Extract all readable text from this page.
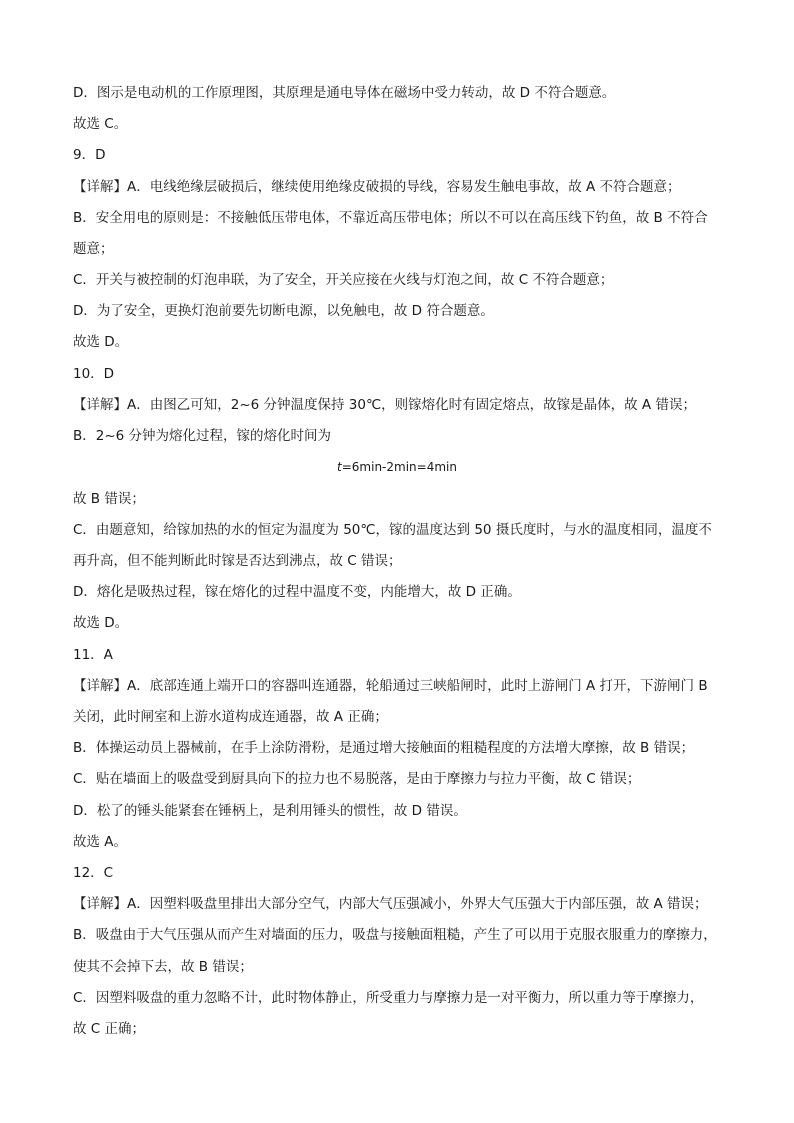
D．图示是电动机的工作原理图，其原理是通电导体在磁场中受力转动，故 D 不符合题意。
故选 C。
9．D
【详解】A．电线绝缘层破损后，继续使用绝缘皮破损的导线，容易发生触电事故，故 A 不符合题意；
B．安全用电的原则是：不接触低压带电体，不靠近高压带电体；所以不可以在高压线下钓鱼，故 B 不符合
题意；
C．开关与被控制的灯泡串联，为了安全，开关应接在火线与灯泡之间，故 C 不符合题意；
D．为了安全，更换灯泡前要先切断电源，以免触电，故 D 符合题意。
故选 D。
10．D
【详解】A．由图乙可知，2~6 分钟温度保持 30℃，则镓熔化时有固定熔点，故镓是晶体，故 A 错误；
B．2~6 分钟为熔化过程，镓的熔化时间为
t=6min-2min=4min
故 B 错误；
C．由题意知，给镓加热的水的恒定为温度为 50℃，镓的温度达到 50 摄氏度时，与水的温度相同，温度不
再升高，但不能判断此时镓是否达到沸点，故 C 错误；
D．熔化是吸热过程，镓在熔化的过程中温度不变，内能增大，故 D 正确。
故选 D。
11．A
【详解】A．底部连通上端开口的容器叫连通器，轮船通过三峡船闸时，此时上游闸门 A 打开，下游闸门 B
关闭，此时闸室和上游水道构成连通器，故 A 正确；
B．体操运动员上器械前，在手上涂防滑粉，是通过增大接触面的粗糙程度的方法增大摩擦，故 B 错误；
C．贴在墙面上的吸盘受到厨具向下的拉力也不易脱落，是由于摩擦力与拉力平衡，故 C 错误；
D．松了的锤头能紧套在锤柄上，是利用锤头的惯性，故 D 错误。
故选 A。
12．C
【详解】A．因塑料吸盘里排出大部分空气，内部大气压强减小，外界大气压强大于内部压强，故 A 错误；
B．吸盘由于大气压强从而产生对墙面的压力，吸盘与接触面粗糙，产生了可以用于克服衣服重力的摩擦力，
使其不会掉下去，故 B 错误；
C．因塑料吸盘的重力忽略不计，此时物体静止，所受重力与摩擦力是一对平衡力，所以重力等于摩擦力，
故 C 正确；
